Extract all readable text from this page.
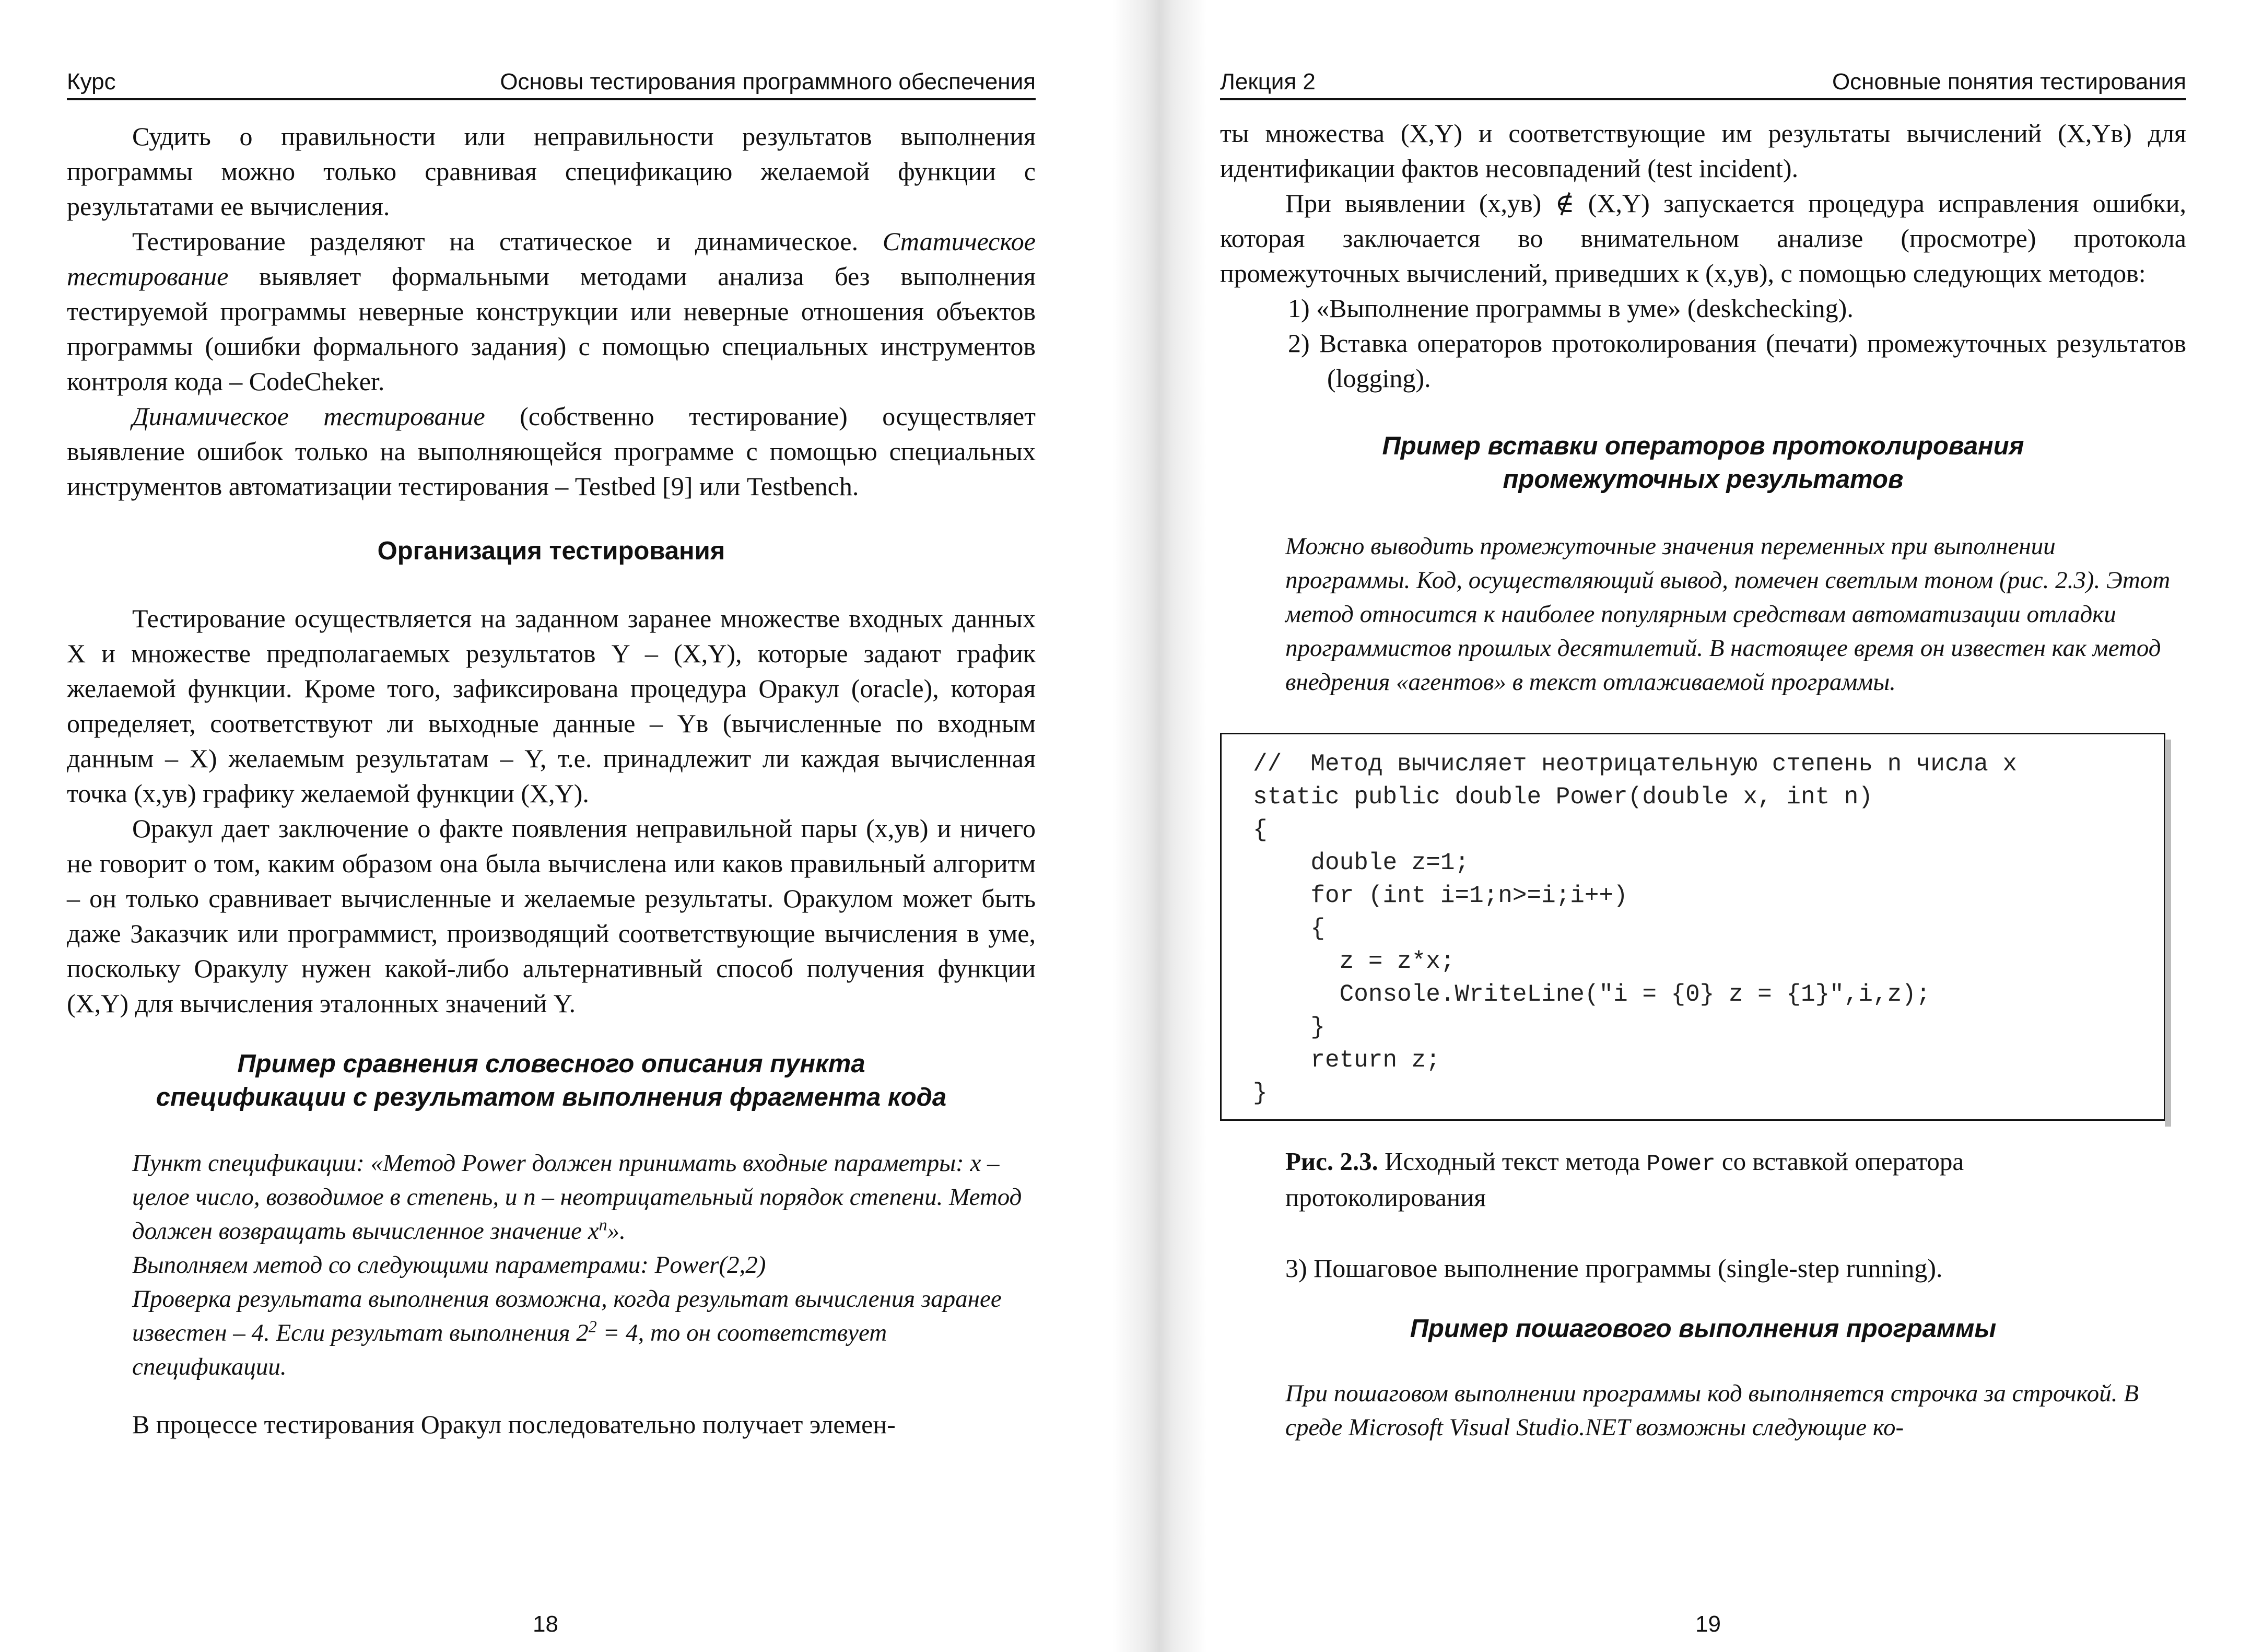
Курс	Основы тестирования программного обеспечения

Судить о правильности или неправильности результатов выполнения программы можно только сравнивая спецификацию желаемой функции с результатами ее вычисления.

Тестирование разделяют на статическое и динамическое. Статическое тестирование выявляет формальными методами анализа без выполнения тестируемой программы неверные конструкции или неверные отношения объектов программы (ошибки формального задания) с помощью специальных инструментов контроля кода – CodeCheker.

Динамическое тестирование (собственно тестирование) осуществляет выявление ошибок только на выполняющейся программе с помощью специальных инструментов автоматизации тестирования – Testbed [9] или Testbench.

Организация тестирования

Тестирование осуществляется на заданном заранее множестве входных данных X и множестве предполагаемых результатов Y – (X,Y), которые задают график желаемой функции. Кроме того, зафиксирована процедура Оракул (oracle), которая определяет, соответствуют ли выходные данные – Yв (вычисленные по входным данным – X) желаемым результатам – Y, т.е. принадлежит ли каждая вычисленная точка (x,yв) графику желаемой функции (X,Y).

Оракул дает заключение о факте появления неправильной пары (x,yв) и ничего не говорит о том, каким образом она была вычислена или каков правильный алгоритм – он только сравнивает вычисленные и желаемые результаты. Оракулом может быть даже Заказчик или программист, производящий соответствующие вычисления в уме, поскольку Оракулу нужен какой-либо альтернативный способ получения функции (X,Y) для вычисления эталонных значений Y.

Пример сравнения словесного описания пункта
спецификации с результатом выполнения фрагмента кода
Пункт спецификации: «Метод Power должен принимать входные параметры: x – целое число, возводимое в степень, и n – неотрицательный порядок степени. Метод должен возвращать вычисленное значение $x^n$».
Выполняем метод со следующими параметрами: Power(2,2)
Проверка результата выполнения возможна, когда результат вычисления заранее известен – 4. Если результат выполнения $2^2 = 4$, то он соответствует спецификации.

В процессе тестирования Оракул последовательно получает элемен-

18
Лекция 2	Основные понятия тестирования

ты множества (X,Y) и соответствующие им результаты вычислений (X,Yв) для идентификации фактов несовпадений (test incident).

При выявлении (x,yв) ∉ (X,Y) запускается процедура исправления ошибки, которая заключается во внимательном анализе (просмотре) протокола промежуточных вычислений, приведших к (x,yв), с помощью следующих методов:

1) «Выполнение программы в уме» (deskchecking).

2) Вставка операторов протоколирования (печати) промежуточных результатов (logging).

Пример вставки операторов протоколирования
промежуточных результатов
Можно выводить промежуточные значения переменных при выполнении программы. Код, осуществляющий вывод, помечен светлым тоном (рис. 2.3). Этот метод относится к наиболее популярным средствам автоматизации отладки программистов прошлых десятилетий. В настоящее время он известен как метод внедрения «агентов» в текст отлаживаемой программы.
//  Метод вычисляет неотрицательную степень n числа x
static public double Power(double x, int n)
{
double z=1;
for (int i=1;n>=i;i++)
{
z = z*x;
Console.WriteLine("i = {0} z = {1}",i,z);
}
return z;
}
Рис. 2.3. Исходный текст метода Power со вставкой оператора протоколирования

3) Пошаговое выполнение программы (single-step running).

Пример пошагового выполнения программы
При пошаговом выполнении программы код выполняется строчка за строчкой. В среде Microsoft Visual Studio.NET возможны следующие ко-
19
